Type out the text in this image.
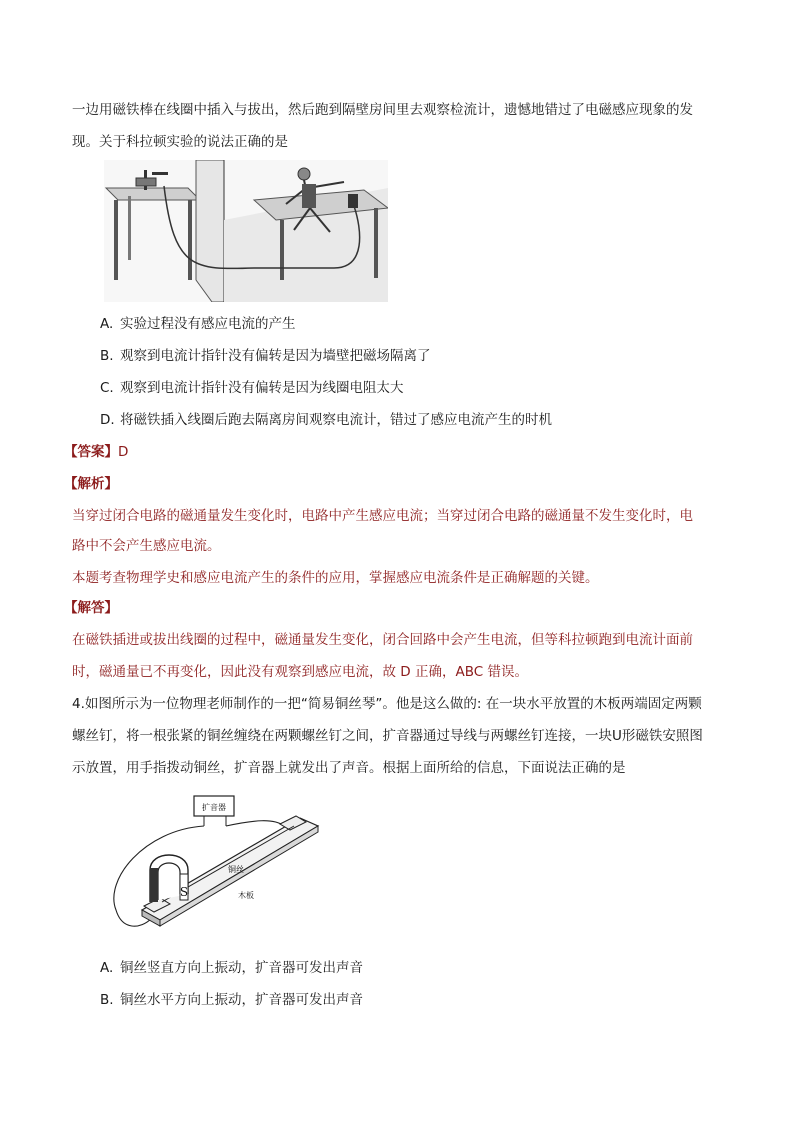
一边用磁铁棒在线圈中插入与拔出，然后跑到隔壁房间里去观察检流计，遗憾地错过了电磁感应现象的发
现。关于科拉顿实验的说法正确的是
A. 实验过程没有感应电流的产生
B. 观察到电流计指针没有偏转是因为墙壁把磁场隔离了
C. 观察到电流计指针没有偏转是因为线圈电阻太大
D. 将磁铁插入线圈后跑去隔离房间观察电流计，错过了感应电流产生的时机
【答案】D
【解析】
当穿过闭合电路的磁通量发生变化时，电路中产生感应电流；当穿过闭合电路的磁通量不发生变化时，电
路中不会产生感应电流。
本题考查物理学史和感应电流产生的条件的应用，掌握感应电流条件是正确解题的关键。
【解答】
在磁铁插进或拔出线圈的过程中，磁通量发生变化，闭合回路中会产生电流，但等科拉顿跑到电流计面前
时，磁通量已不再变化，因此没有观察到感应电流，故 D 正确，ABC 错误。
4.如图所示为一位物理老师制作的一把“简易铜丝琴”。他是这么做的: 在一块水平放置的木板两端固定两颗
螺丝钉，将一根张紧的铜丝缠绕在两颗螺丝钉之间，扩音器通过导线与两螺丝钉连接，一块U形磁铁安照图
示放置，用手指拨动铜丝，扩音器上就发出了声音。根据上面所给的信息，下面说法正确的是
扩音器
S
铜丝
木板
A. 铜丝竖直方向上振动，扩音器可发出声音
B. 铜丝水平方向上振动，扩音器可发出声音
